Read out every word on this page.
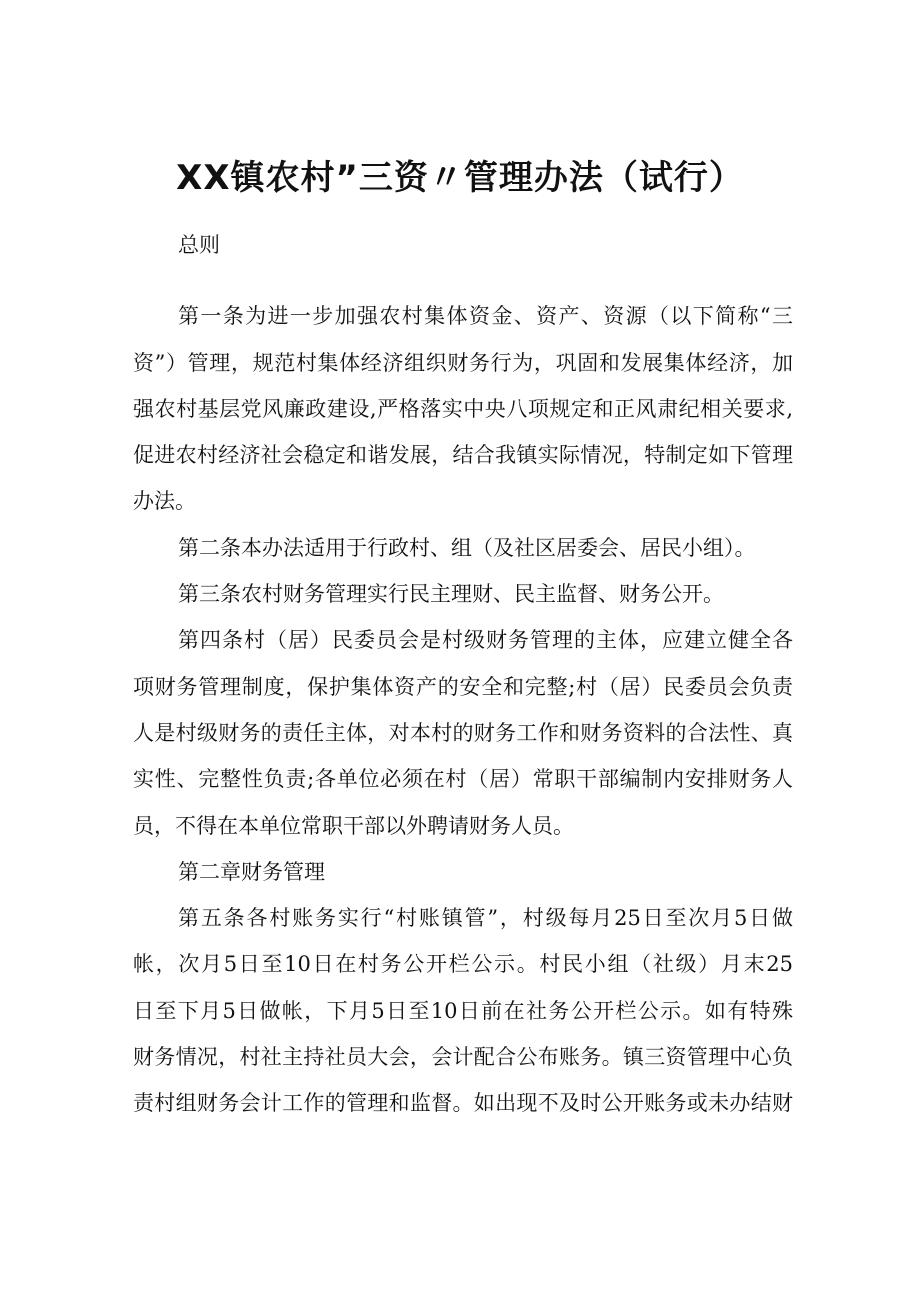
XX镇农村”三资〃管理办法（试行）
总则
第一条为进一步加强农村集体资金、资产、资源（以下简称“三
资”）管理，规范村集体经济组织财务行为，巩固和发展集体经济，加
强农村基层党风廉政建设,严格落实中央八项规定和正风肃纪相关要求,
促进农村经济社会稳定和谐发展，结合我镇实际情况，特制定如下管理
办法。
第二条本办法适用于行政村、组（及社区居委会、居民小组）。
第三条农村财务管理实行民主理财、民主监督、财务公开。
第四条村（居）民委员会是村级财务管理的主体，应建立健全各
项财务管理制度，保护集体资产的安全和完整;村（居）民委员会负责
人是村级财务的责任主体，对本村的财务工作和财务资料的合法性、真
实性、完整性负责;各单位必须在村（居）常职干部编制内安排财务人
员，不得在本单位常职干部以外聘请财务人员。
第二章财务管理
第五条各村账务实行“村账镇管”，村级每月25日至次月5日做
帐，次月5日至10日在村务公开栏公示。村民小组（社级）月末25
日至下月5日做帐，下月5日至10日前在社务公开栏公示。如有特殊
财务情况，村社主持社员大会，会计配合公布账务。镇三资管理中心负
责村组财务会计工作的管理和监督。如出现不及时公开账务或未办结财
